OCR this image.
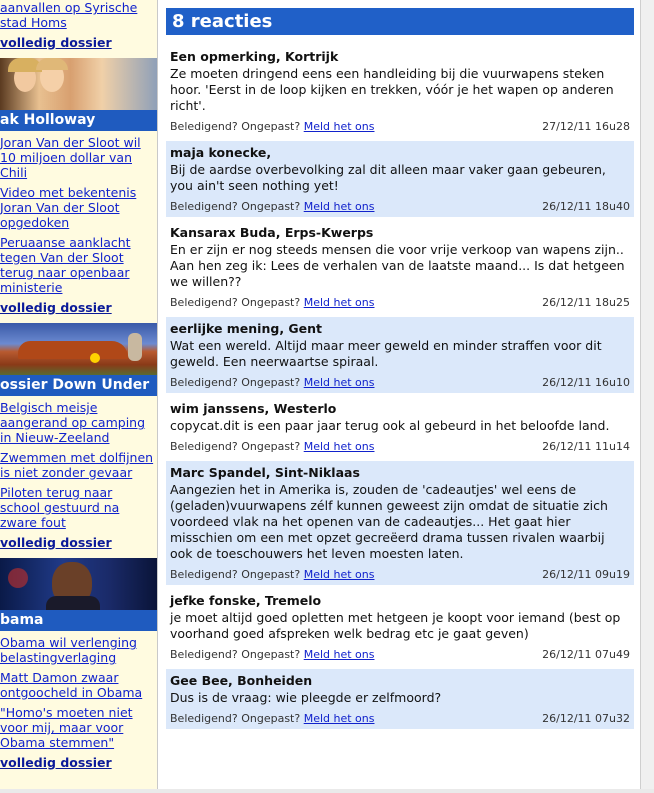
aanvallen op Syrische
stad Homs
volledig dossier
ak Holloway
Joran Van der Sloot wil 10 miljoen dollar van Chili
Video met bekentenis Joran Van der Sloot opgedoken
Peruaanse aanklacht tegen Van der Sloot terug naar openbaar ministerie
volledig dossier
ossier Down Under
Belgisch meisje aangerand op camping in Nieuw-Zeeland
Zwemmen met dolfijnen is niet zonder gevaar
Piloten terug naar school gestuurd na zware fout
volledig dossier
bama
Obama wil verlenging belastingverlaging
Matt Damon zwaar ontgoocheld in Obama
"Homo's moeten niet voor mij, maar voor Obama stemmen"
volledig dossier
8 reacties
Een opmerking, Kortrijk
Ze moeten dringend eens een handleiding bij die vuurwapens steken hoor. 'Eerst in de loop kijken en trekken, vóór je het wapen op anderen richt'.
Beledigend? Ongepast? Meld het ons	27/12/11 16u28
maja konecke,
Bij de aardse overbevolking zal dit alleen maar vaker gaan gebeuren, you ain't seen nothing yet!
Beledigend? Ongepast? Meld het ons	26/12/11 18u40
Kansarax Buda, Erps-Kwerps
En er zijn er nog steeds mensen die voor vrije verkoop van wapens zijn.. Aan hen zeg ik: Lees de verhalen van de laatste maand... Is dat hetgeen we willen??
Beledigend? Ongepast? Meld het ons	26/12/11 18u25
eerlijke mening, Gent
Wat een wereld. Altijd maar meer geweld en minder straffen voor dit geweld. Een neerwaartse spiraal.
Beledigend? Ongepast? Meld het ons	26/12/11 16u10
wim janssens, Westerlo
copycat.dit is een paar jaar terug ook al gebeurd in het beloofde land.
Beledigend? Ongepast? Meld het ons	26/12/11 11u14
Marc Spandel, Sint-Niklaas
Aangezien het in Amerika is, zouden de 'cadeautjes' wel eens de (geladen)vuurwapens zélf kunnen geweest zijn omdat de situatie zich voordeed vlak na het openen van de cadeautjes... Het gaat hier misschien om een met opzet gecreëerd drama tussen rivalen waarbij ook de toeschouwers het leven moesten laten.
Beledigend? Ongepast? Meld het ons	26/12/11 09u19
jefke fonske, Tremelo
je moet altijd goed opletten met hetgeen je koopt voor iemand (best op voorhand goed afspreken welk bedrag etc je gaat geven)
Beledigend? Ongepast? Meld het ons	26/12/11 07u49
Gee Bee, Bonheiden
Dus is de vraag: wie pleegde er zelfmoord?
Beledigend? Ongepast? Meld het ons	26/12/11 07u32
